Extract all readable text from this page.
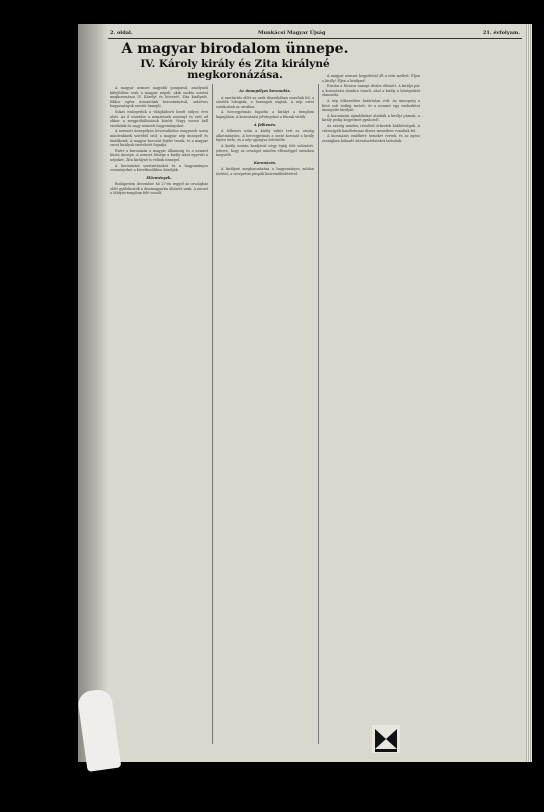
2. oldal.	Munkácsi Magyar Újság	21. évfolyam.
A magyar birodalom ünnepe.
IV. Károly király és Zita királyné megkoronázása.

A magyar nemzet nagyobb pompával, amelynek kifejlődése csak a magyar népek, akik szokta szerint megkoronázza IV. Károlyt és hitvesét, Zita királynét. Ekkor egész nemzetünk koronázásával, százéves hagyományok szerint ünnepli.

Sokat emlegettük a világháború kezét súlyos évei alatt. Az ő vezetése a nemzetnek reményt és erőt ad ekkor a megpróbáltatások között. Nagy sorsot kell viselnünk és nagy nemzeti hagyományokat.

A nemzeti ünnepélyes bevonuláshoz magyarok sorsa mindenkinek szívéből szól; a magyar nép ünnepelt és imádkozik. A magyar koronát fejébe teszik, és a magyar szent királyok tiszteletét fogadja.

Ezért a koronázás a magyar államiság és a nemzet közös ünnepe. A nemzet hűsége a király iránt egyesíti a népeket. Zita királyné is velünk ünnepel.

A koronázási szertartásokat és a hagyományos eseményeket a következőkben közöljük.

Előzmények.

Budapesten december hó 27-én reggel az országház előtt gyülekeztek a diszmagyarba öltözött urak. A menet a Mátyás-templom felé vonult.

Az ünnepélyes bevonulás.

A szertartás előtt az urak diszruhában vonultak fel, a zászlók lobogtak, a harangok zúgtak. A nép ezrei sorakoztak az utcákon.

A hercegprímás fogadta a királyt a templom kapujában. A koronázási jelvényeket a főurak vitték.

A felkenés.

A felkenés után a király esküt tett az ország alkotmányára. A hercegprímás a szent koronát a király fejére tette, és a nép ujjongva üdvözölte.

A király ezután kardjával négy égtáj felé suhintott, jelezve, hogy az országot minden ellenséggel szemben megvédi.

Koronázás.

A királyné megkoronázása a hagyományos módon történt, a veszprémi püspök közreműködésével.

A magyar nemzet kegyelettel áll a trón mellett. Éljen a király! Éljen a királyné!

Ezután a főváros ünnepi díszbe öltözött. A királyi pár a koronázási dombra vonult, ahol a király a hűségesküt elmondta.

A nép lelkesedése határtalan volt. Az ünnepség a késő esti órákig tartott, és a nemzet egy emberként ünnepelte királyát.

A koronázási ajándékokat átadták a királyi párnak, a király pedig kegyelmet gyakorolt.

Az ország minden részéből érkeztek küldöttségek. A vármegyék bandériumai díszes menetben vonultak fel.

A koronázás emlékére érmeket vertek, és az egész országban hálaadó istentiszteleteket tartottak.
